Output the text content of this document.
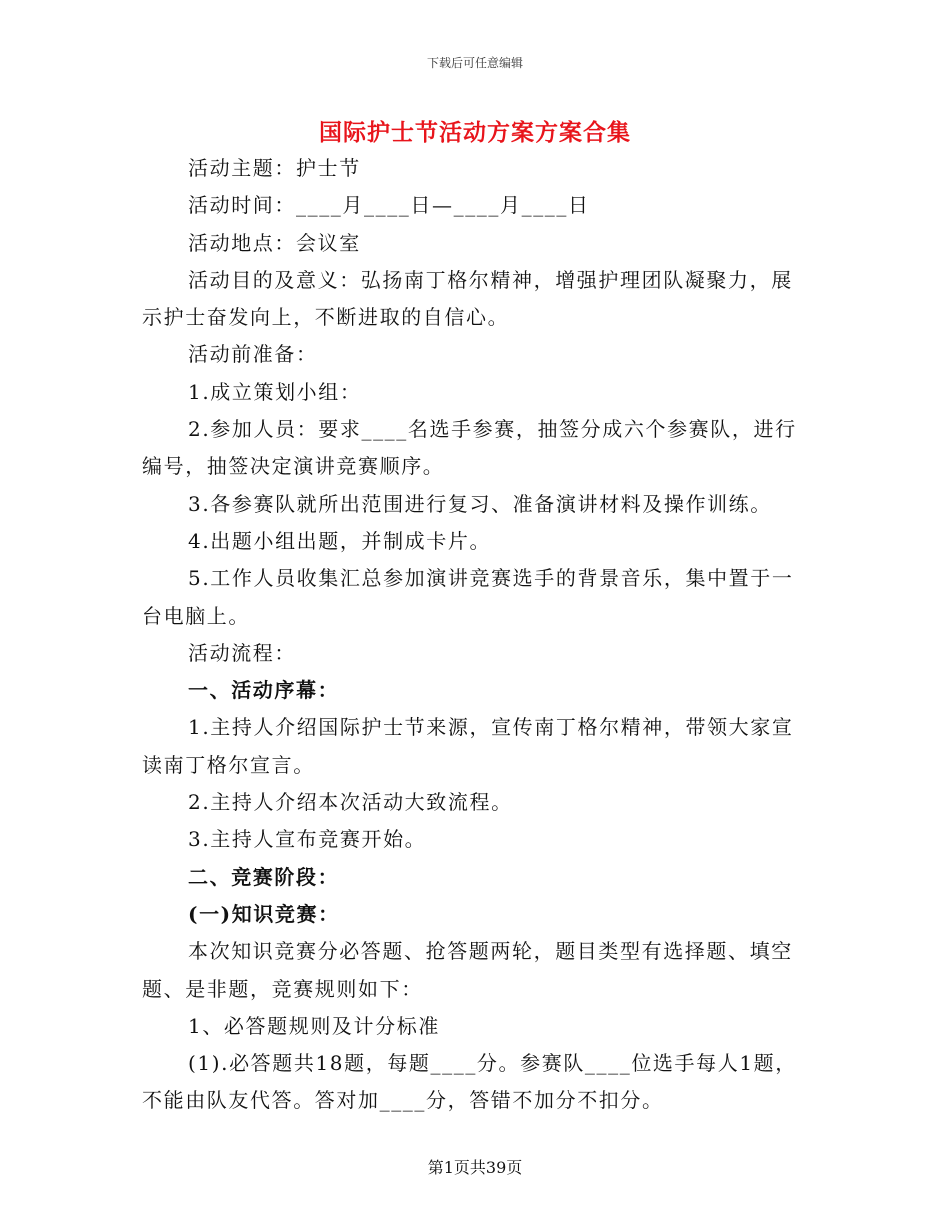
下载后可任意编辑
国际护士节活动方案方案合集

活动主题：护士节

活动时间：____月____日—____月____日

活动地点：会议室

活动目的及意义：弘扬南丁格尔精神，增强护理团队凝聚力，展示护士奋发向上，不断进取的自信心。

活动前准备：

1.成立策划小组：

2.参加人员：要求____名选手参赛，抽签分成六个参赛队，进行编号，抽签决定演讲竞赛顺序。

3.各参赛队就所出范围进行复习、准备演讲材料及操作训练。

4.出题小组出题，并制成卡片。

5.工作人员收集汇总参加演讲竞赛选手的背景音乐，集中置于一台电脑上。

活动流程：

一、活动序幕：

1.主持人介绍国际护士节来源，宣传南丁格尔精神，带领大家宣读南丁格尔宣言。

2.主持人介绍本次活动大致流程。

3.主持人宣布竞赛开始。

二、竞赛阶段：

(一)知识竞赛：

本次知识竞赛分必答题、抢答题两轮，题目类型有选择题、填空题、是非题，竞赛规则如下：

1、必答题规则及计分标准

(1).必答题共18题，每题____分。参赛队____位选手每人1题，不能由队友代答。答对加____分，答错不加分不扣分。

第1页共39页
